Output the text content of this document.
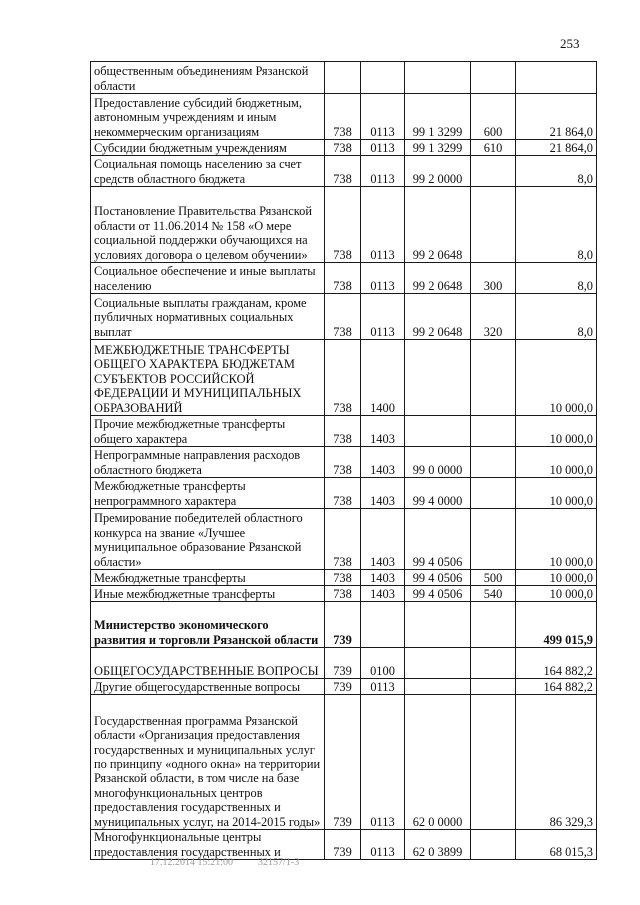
253
общественным объединениям Рязанской области					
Предоставление субсидий бюджетным, автономным учреждениям и иным некоммерческим организациям	738	0113	99 1 3299	600	21 864,0
Субсидии бюджетным учреждениям	738	0113	99 1 3299	610	21 864,0
Социальная помощь населению за счет средств областного бюджета	738	0113	99 2 0000		8,0
Постановление Правительства Рязанской области от 11.06.2014 № 158 «О мере социальной поддержки обучающихся на условиях договора о целевом обучении»	738	0113	99 2 0648		8,0
Социальное обеспечение и иные выплаты населению	738	0113	99 2 0648	300	8,0
Социальные выплаты гражданам, кроме публичных нормативных социальных выплат	738	0113	99 2 0648	320	8,0
МЕЖБЮДЖЕТНЫЕ ТРАНСФЕРТЫ ОБЩЕГО ХАРАКТЕРА БЮДЖЕТАМ СУБЪЕКТОВ РОССИЙСКОЙ ФЕДЕРАЦИИ И МУНИЦИПАЛЬНЫХ ОБРАЗОВАНИЙ	738	1400			10 000,0
Прочие межбюджетные трансферты общего характера	738	1403			10 000,0
Непрограммные направления расходов областного бюджета	738	1403	99 0 0000		10 000,0
Межбюджетные трансферты непрограммного характера	738	1403	99 4 0000		10 000,0
Премирование победителей областного конкурса на звание «Лучшее муниципальное образование Рязанской области»	738	1403	99 4 0506		10 000,0
Межбюджетные трансферты	738	1403	99 4 0506	500	10 000,0
Иные межбюджетные трансферты	738	1403	99 4 0506	540	10 000,0
Министерство экономического развития и торговли Рязанской области	739				499 015,9
ОБЩЕГОСУДАРСТВЕННЫЕ ВОПРОСЫ	739	0100			164 882,2
Другие общегосударственные вопросы	739	0113			164 882,2
Государственная программа Рязанской области «Организация предоставления государственных и муниципальных услуг по принципу «одного окна» на территории Рязанской области, в том числе на базе многофункциональных центров предоставления государственных и муниципальных услуг, на 2014-2015 годы»	739	0113	62 0 0000		86 329,3
Многофункциональные центры предоставления государственных и	739	0113	62 0 3899		68 015,3
17.12.2014 15:21:00 32157/1-3
